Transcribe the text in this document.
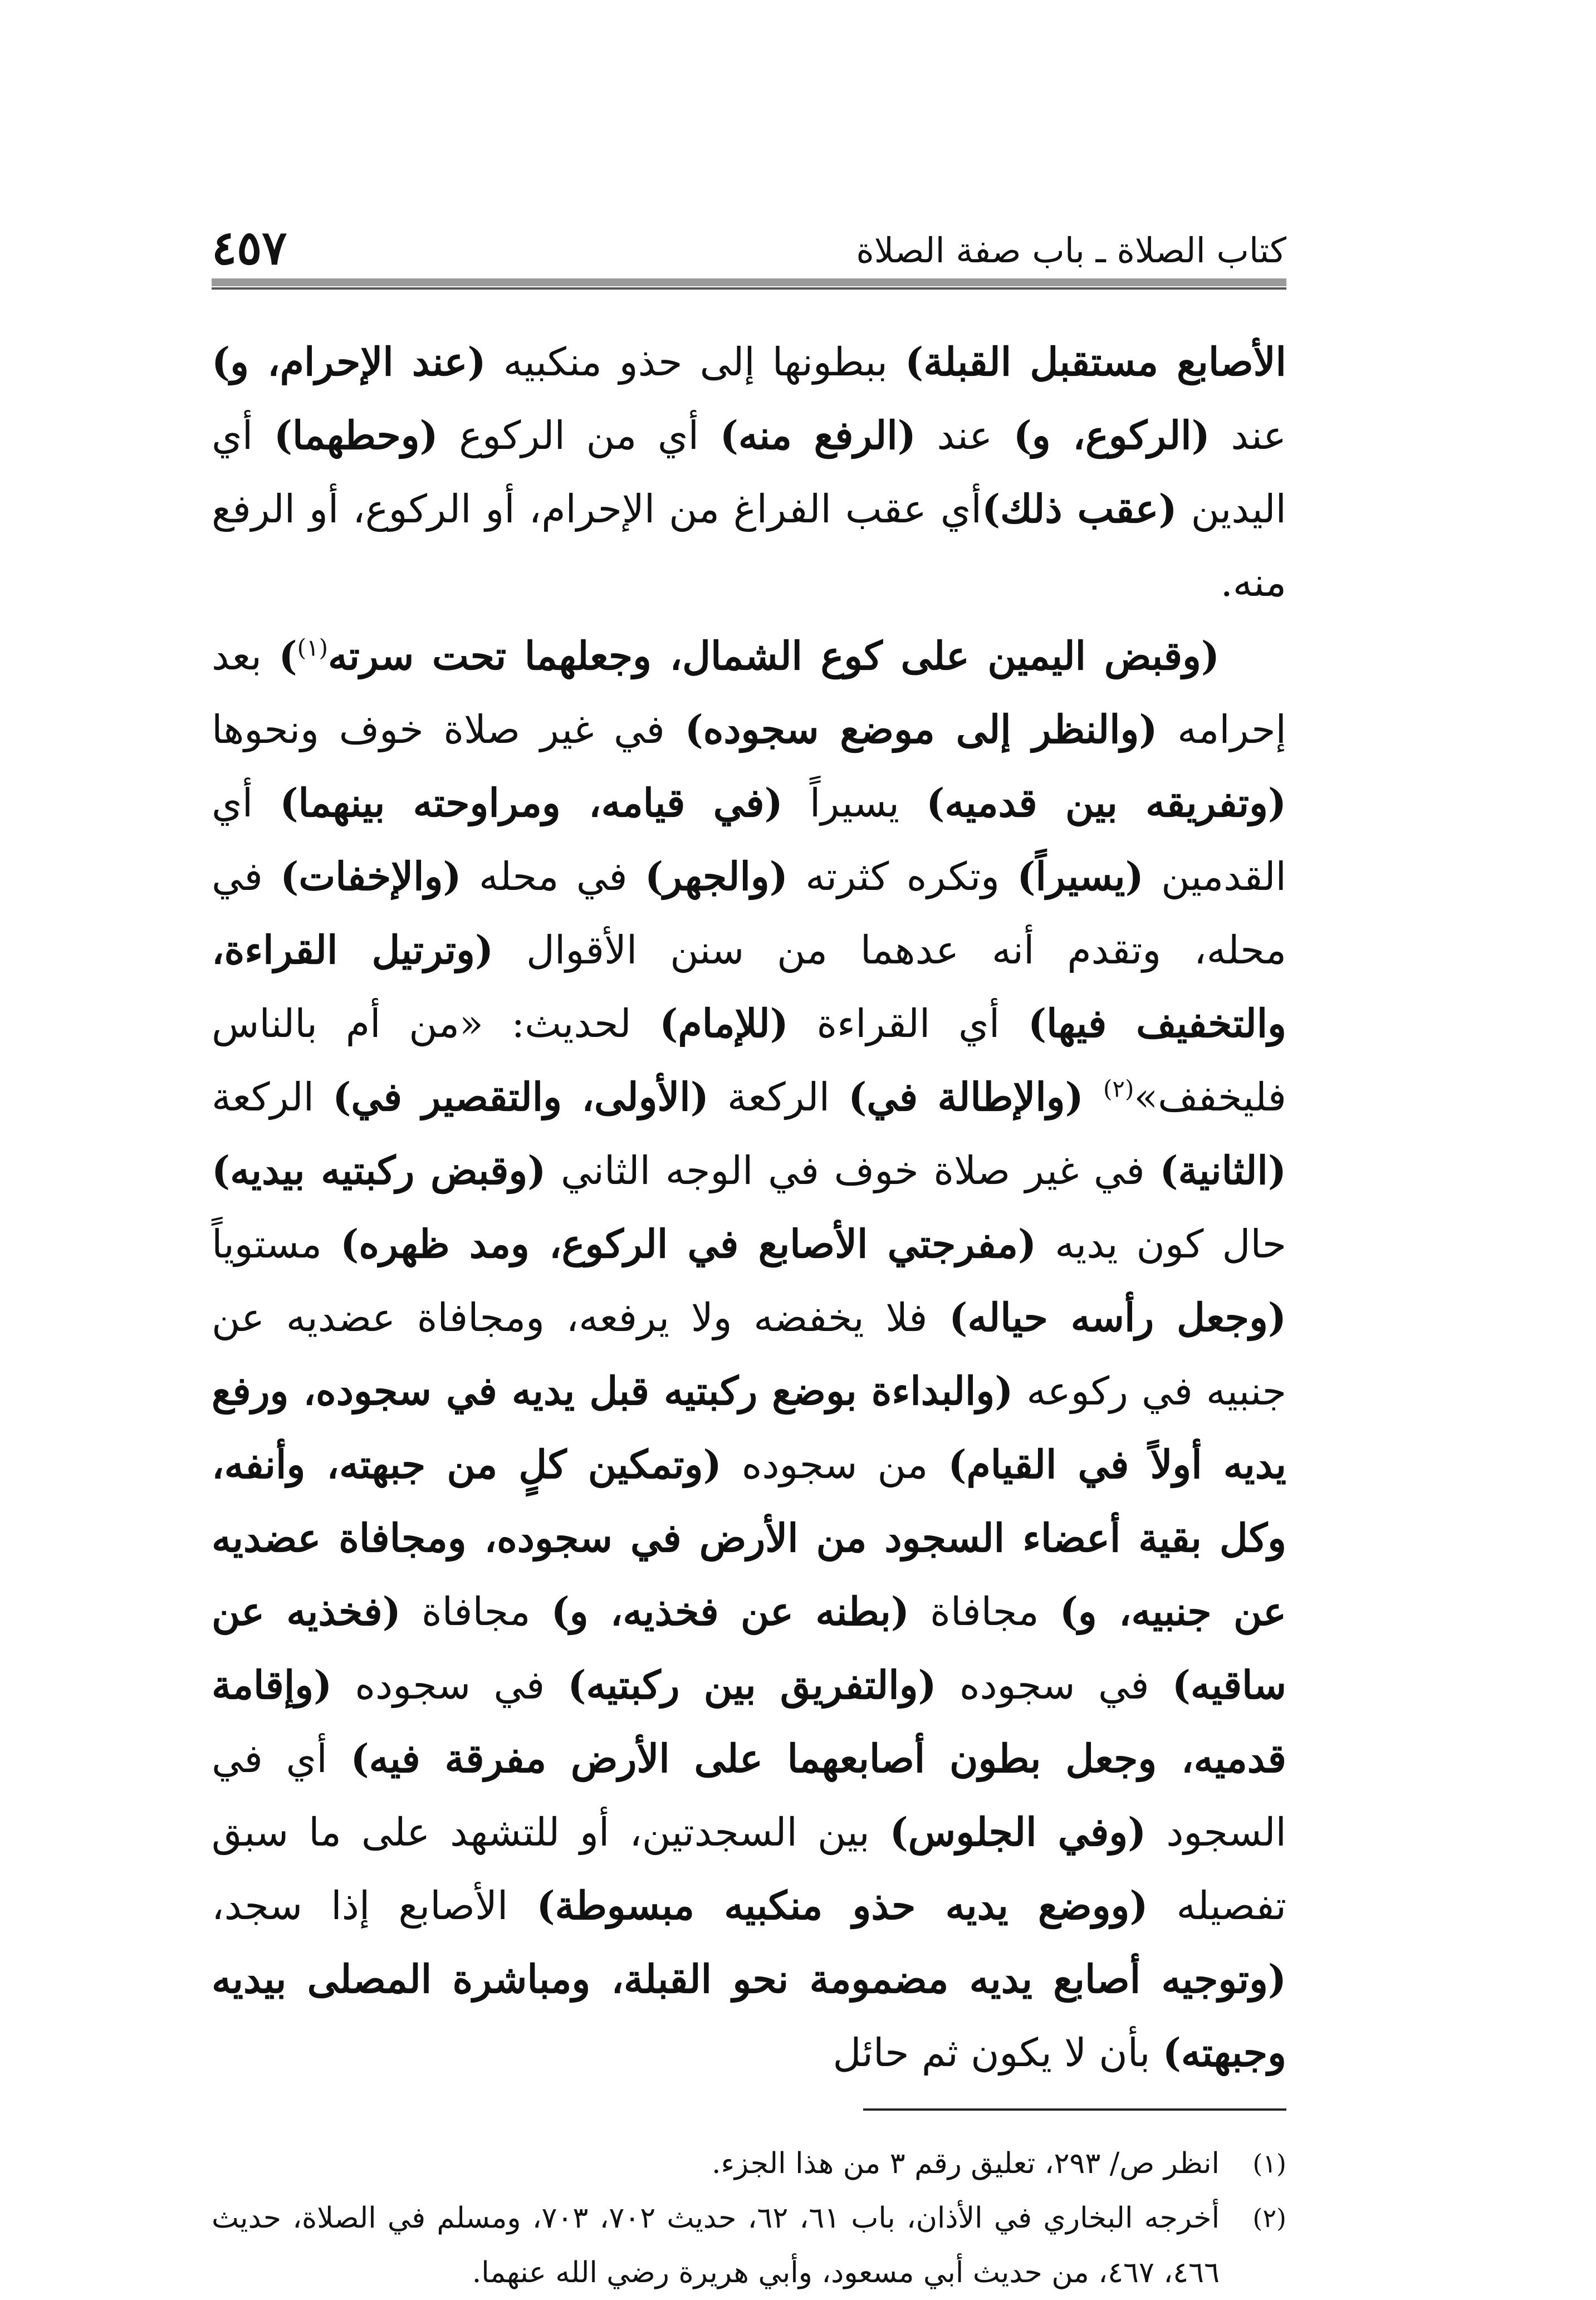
كتاب الصلاة ـ باب صفة الصلاة
٤٥٧

الأصابع مستقبل القبلة) ببطونها إلى حذو منكبيه (عند الإحرام، و) عند (الركوع، و) عند (الرفع منه) أي من الركوع (وحطهما) أي اليدين (عقب ذلك)أي عقب الفراغ من الإحرام، أو الركوع، أو الرفع منه.

(وقبض اليمين على كوع الشمال، وجعلهما تحت سرته$^{(١)}$) بعد إحرامه (والنظر إلى موضع سجوده) في غير صلاة خوف ونحوها (وتفريقه بين قدميه) يسيراً (في قيامه، ومراوحته بينهما) أي القدمين (يسيراً) وتكره كثرته (والجهر) في محله (والإخفات) في محله، وتقدم أنه عدهما من سنن الأقوال (وترتيل القراءة، والتخفيف فيها) أي القراءة (للإمام) لحديث: «من أم بالناس فليخفف»$^{(٢)}$ (والإطالة في) الركعة (الأولى، والتقصير في) الركعة (الثانية) في غير صلاة خوف في الوجه الثاني (وقبض ركبتيه بيديه) حال كون يديه (مفرجتي الأصابع في الركوع، ومد ظهره) مستوياً (وجعل رأسه حياله) فلا يخفضه ولا يرفعه، ومجافاة عضديه عن جنبيه في ركوعه (والبداءة بوضع ركبتيه قبل يديه في سجوده، ورفع يديه أولاً في القيام) من سجوده (وتمكين كلٍ من جبهته، وأنفه، وكل بقية أعضاء السجود من الأرض في سجوده، ومجافاة عضديه عن جنبيه، و) مجافاة (بطنه عن فخذيه، و) مجافاة (فخذيه عن ساقيه) في سجوده (والتفريق بين ركبتيه) في سجوده (وإقامة قدميه، وجعل بطون أصابعهما على الأرض مفرقة فيه) أي في السجود (وفي الجلوس) بين السجدتين، أو للتشهد على ما سبق تفصيله (ووضع يديه حذو منكبيه مبسوطة) الأصابع إذا سجد، (وتوجيه أصابع يديه مضمومة نحو القبلة، ومباشرة المصلى بيديه وجبهته) بأن لا يكون ثم حائل

(١)
انظر ص/ ٢٩٣، تعليق رقم ٣ من هذا الجزء.
(٢)
أخرجه البخاري في الأذان، باب ٦١، ٦٢، حديث ٧٠٢، ٧٠٣، ومسلم في الصلاة، حديث ٤٦٦، ٤٦٧، من حديث أبي مسعود، وأبي هريرة رضي الله عنهما.
